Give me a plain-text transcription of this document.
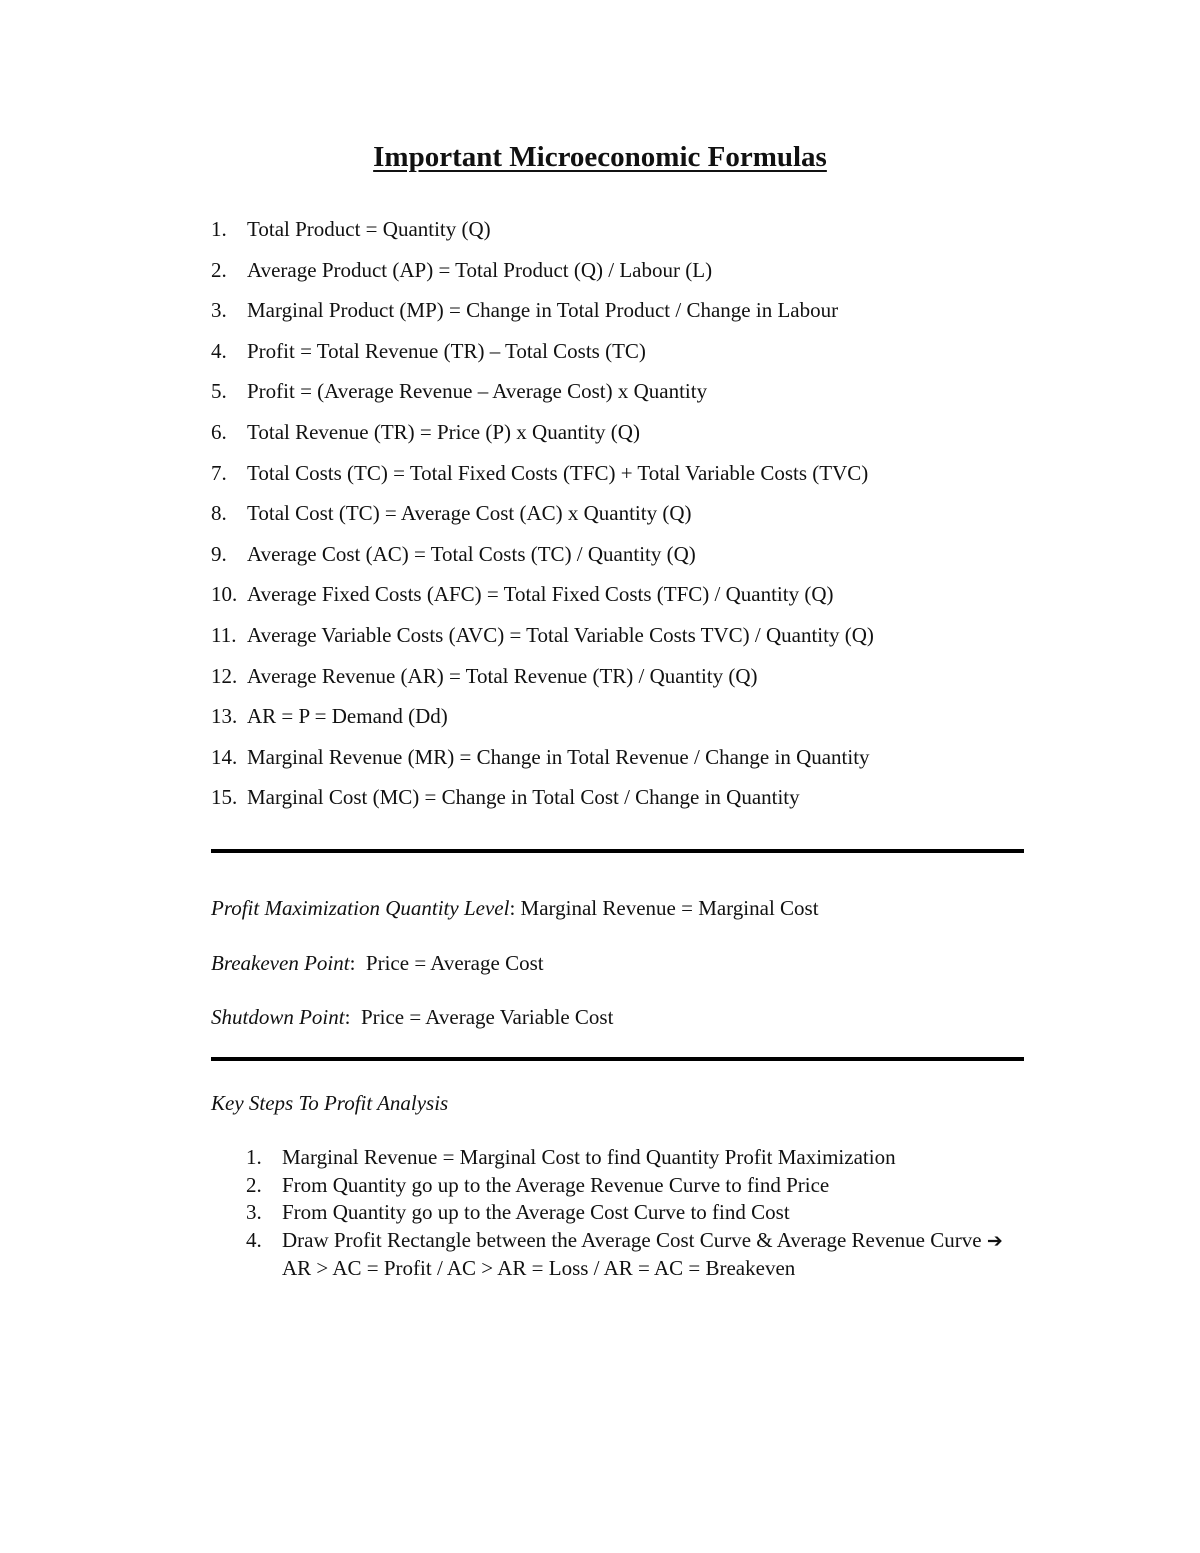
Important Microeconomic Formulas
1. Total Product = Quantity (Q)
2. Average Product (AP) = Total Product (Q) / Labour (L)
3. Marginal Product (MP) = Change in Total Product / Change in Labour
4. Profit = Total Revenue (TR) – Total Costs (TC)
5. Profit = (Average Revenue – Average Cost) x Quantity
6. Total Revenue (TR) = Price (P) x Quantity (Q)
7. Total Costs (TC) = Total Fixed Costs (TFC) + Total Variable Costs (TVC)
8. Total Cost (TC) = Average Cost (AC) x Quantity (Q)
9. Average Cost (AC) = Total Costs (TC) / Quantity (Q)
10. Average Fixed Costs (AFC) = Total Fixed Costs (TFC) / Quantity (Q)
11. Average Variable Costs (AVC) = Total Variable Costs TVC) / Quantity (Q)
12. Average Revenue (AR) = Total Revenue (TR) / Quantity (Q)
13. AR = P = Demand (Dd)
14. Marginal Revenue (MR) = Change in Total Revenue / Change in Quantity
15. Marginal Cost (MC) = Change in Total Cost / Change in Quantity

Profit Maximization Quantity Level: Marginal Revenue = Marginal Cost

Breakeven Point:  Price = Average Cost

Shutdown Point:  Price = Average Variable Cost

Key Steps To Profit Analysis

1. Marginal Revenue = Marginal Cost to find Quantity Profit Maximization
2. From Quantity go up to the Average Revenue Curve to find Price
3. From Quantity go up to the Average Cost Curve to find Cost
4. Draw Profit Rectangle between the Average Cost Curve & Average Revenue Curve ➔ AR > AC = Profit / AC > AR = Loss / AR = AC = Breakeven
